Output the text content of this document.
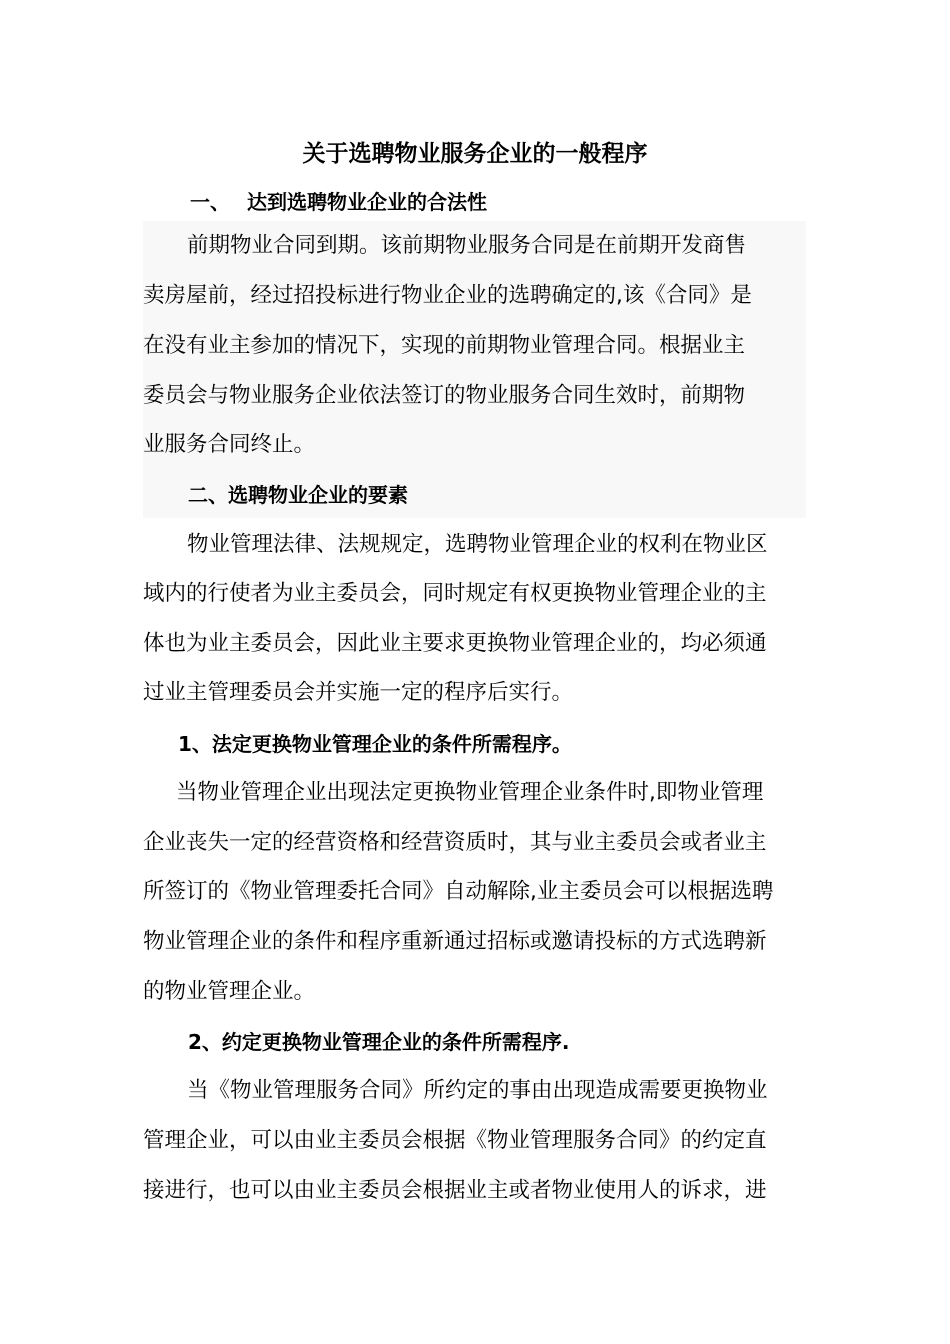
关于选聘物业服务企业的一般程序
一、 达到选聘物业企业的合法性
前期物业合同到期。该前期物业服务合同是在前期开发商售
卖房屋前，经过招投标进行物业企业的选聘确定的,该《合同》是
在没有业主参加的情况下，实现的前期物业管理合同。根据业主
委员会与物业服务企业依法签订的物业服务合同生效时，前期物
业服务合同终止。
二、选聘物业企业的要素
物业管理法律、法规规定，选聘物业管理企业的权利在物业区
域内的行使者为业主委员会，同时规定有权更换物业管理企业的主
体也为业主委员会，因此业主要求更换物业管理企业的，均必须通
过业主管理委员会并实施一定的程序后实行。
1、法定更换物业管理企业的条件所需程序。
当物业管理企业出现法定更换物业管理企业条件时,即物业管理
企业丧失一定的经营资格和经营资质时，其与业主委员会或者业主
所签订的《物业管理委托合同》自动解除,业主委员会可以根据选聘
物业管理企业的条件和程序重新通过招标或邀请投标的方式选聘新
的物业管理企业。
2、约定更换物业管理企业的条件所需程序.
当《物业管理服务合同》所约定的事由出现造成需要更换物业
管理企业，可以由业主委员会根据《物业管理服务合同》的约定直
接进行，也可以由业主委员会根据业主或者物业使用人的诉求，进
